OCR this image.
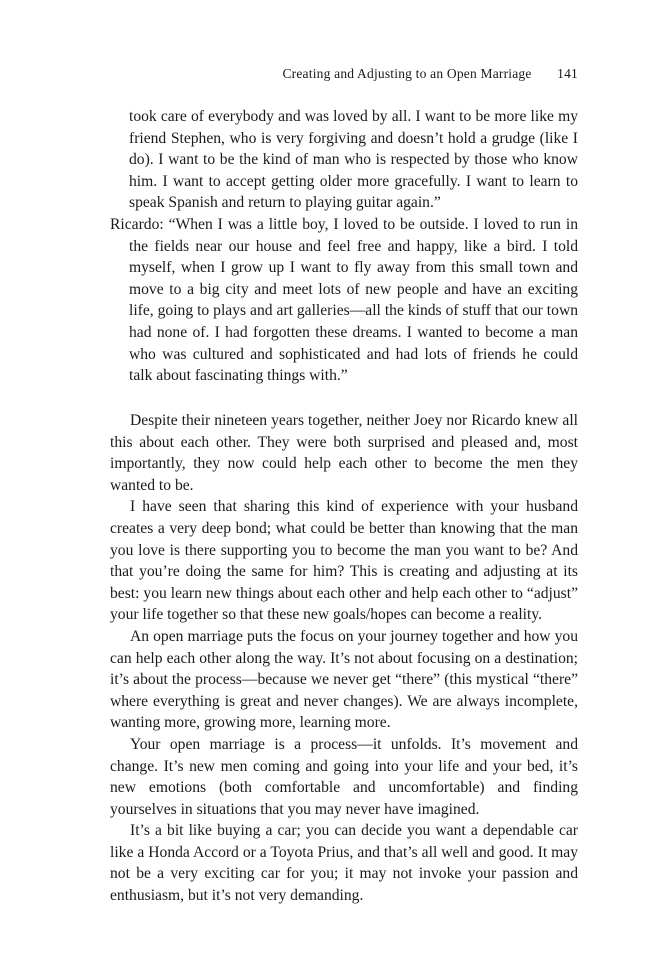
Creating and Adjusting to an Open Marriage 141

took care of everybody and was loved by all. I want to be more like my friend Stephen, who is very forgiving and doesn’t hold a grudge (like I do). I want to be the kind of man who is respected by those who know him. I want to accept getting older more gracefully. I want to learn to speak Spanish and return to playing guitar again.”

Ricardo: “When I was a little boy, I loved to be outside. I loved to run in the fields near our house and feel free and happy, like a bird. I told myself, when I grow up I want to fly away from this small town and move to a big city and meet lots of new people and have an exciting life, going to plays and art galleries—all the kinds of stuff that our town had none of. I had forgotten these dreams. I wanted to become a man who was cultured and sophisticated and had lots of friends he could talk about fascinating things with.”

Despite their nineteen years together, neither Joey nor Ricardo knew all this about each other. They were both surprised and pleased and, most importantly, they now could help each other to become the men they wanted to be.

I have seen that sharing this kind of experience with your husband creates a very deep bond; what could be better than knowing that the man you love is there supporting you to become the man you want to be? And that you’re doing the same for him? This is creating and adjusting at its best: you learn new things about each other and help each other to “adjust” your life together so that these new goals/hopes can become a reality.

An open marriage puts the focus on your journey together and how you can help each other along the way. It’s not about focusing on a destination; it’s about the process—because we never get “there” (this mystical “there” where everything is great and never changes). We are always incomplete, wanting more, growing more, learning more.

Your open marriage is a process—it unfolds. It’s movement and change. It’s new men coming and going into your life and your bed, it’s new emotions (both comfortable and uncomfortable) and finding yourselves in situations that you may never have imagined.

It’s a bit like buying a car; you can decide you want a dependable car like a Honda Accord or a Toyota Prius, and that’s all well and good. It may not be a very exciting car for you; it may not invoke your passion and enthusiasm, but it’s not very demanding.
